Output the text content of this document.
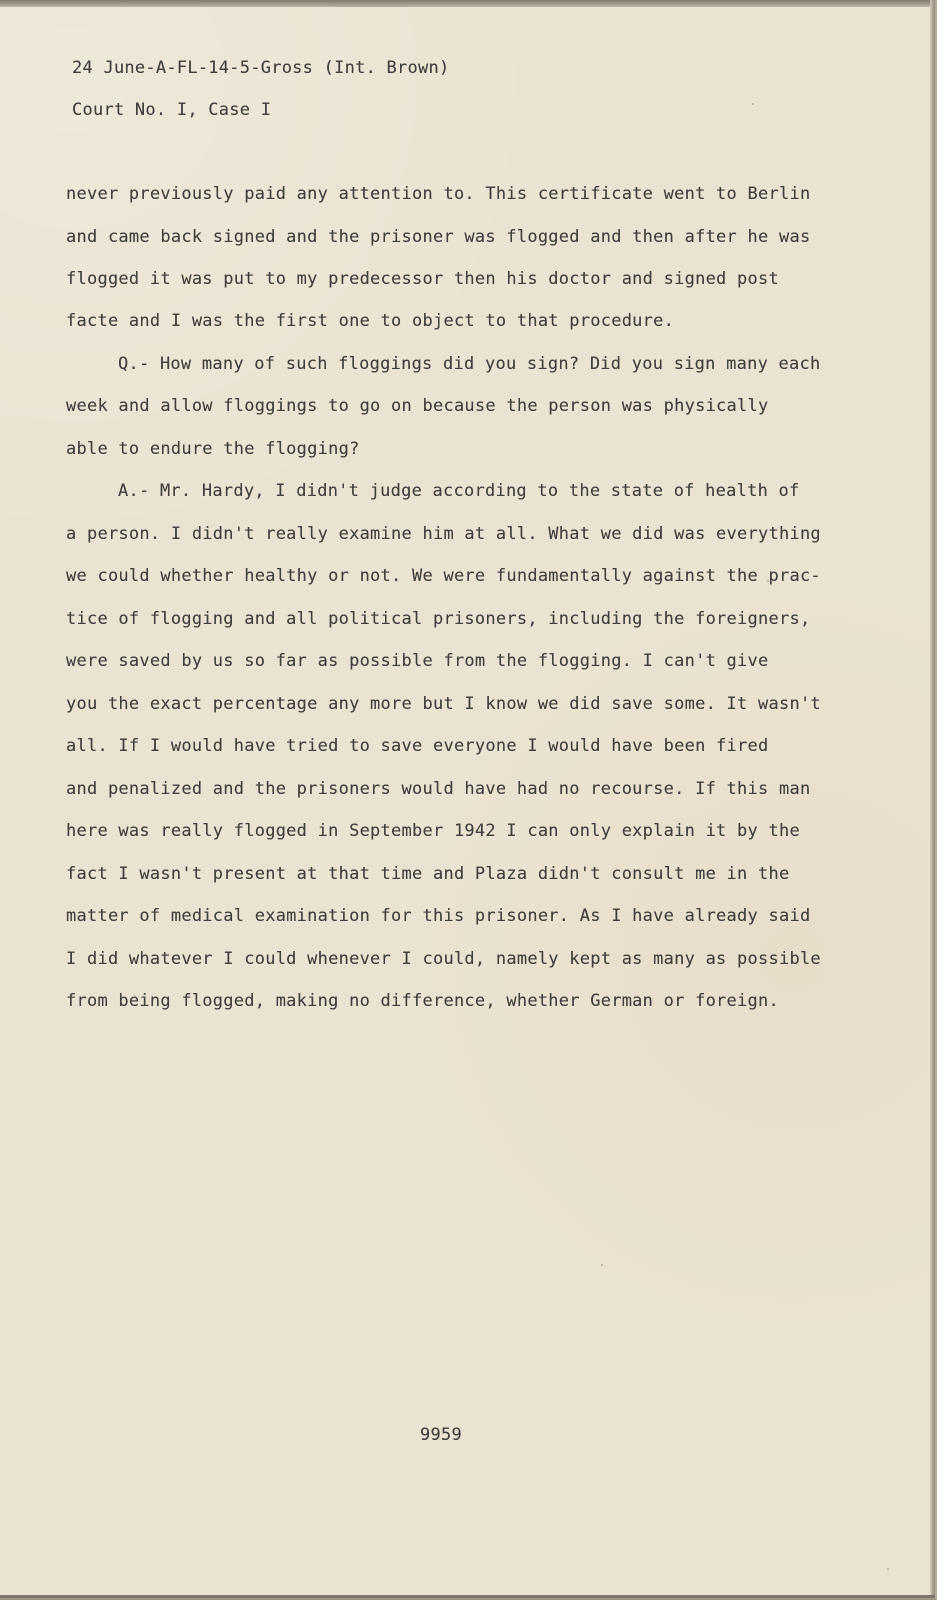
24 June-A-FL-14-5-Gross (Int. Brown)
Court No. I, Case I
never previously paid any attention to. This certificate went to Berlin
and came back signed and the prisoner was flogged and then after he was
flogged it was put to my predecessor then his doctor and signed post
facte and I was the first one to object to that procedure.
Q.- How many of such floggings did you sign? Did you sign many each
week and allow floggings to go on because the person was physically
able to endure the flogging?
A.- Mr. Hardy, I didn't judge according to the state of health of
a person. I didn't really examine him at all. What we did was everything
we could whether healthy or not. We were fundamentally against the prac-
tice of flogging and all political prisoners, including the foreigners,
were saved by us so far as possible from the flogging. I can't give
you the exact percentage any more but I know we did save some. It wasn't
all. If I would have tried to save everyone I would have been fired
and penalized and the prisoners would have had no recourse. If this man
here was really flogged in September 1942 I can only explain it by the
fact I wasn't present at that time and Plaza didn't consult me in the
matter of medical examination for this prisoner. As I have already said
I did whatever I could whenever I could, namely kept as many as possible
from being flogged, making no difference, whether German or foreign.
9959
